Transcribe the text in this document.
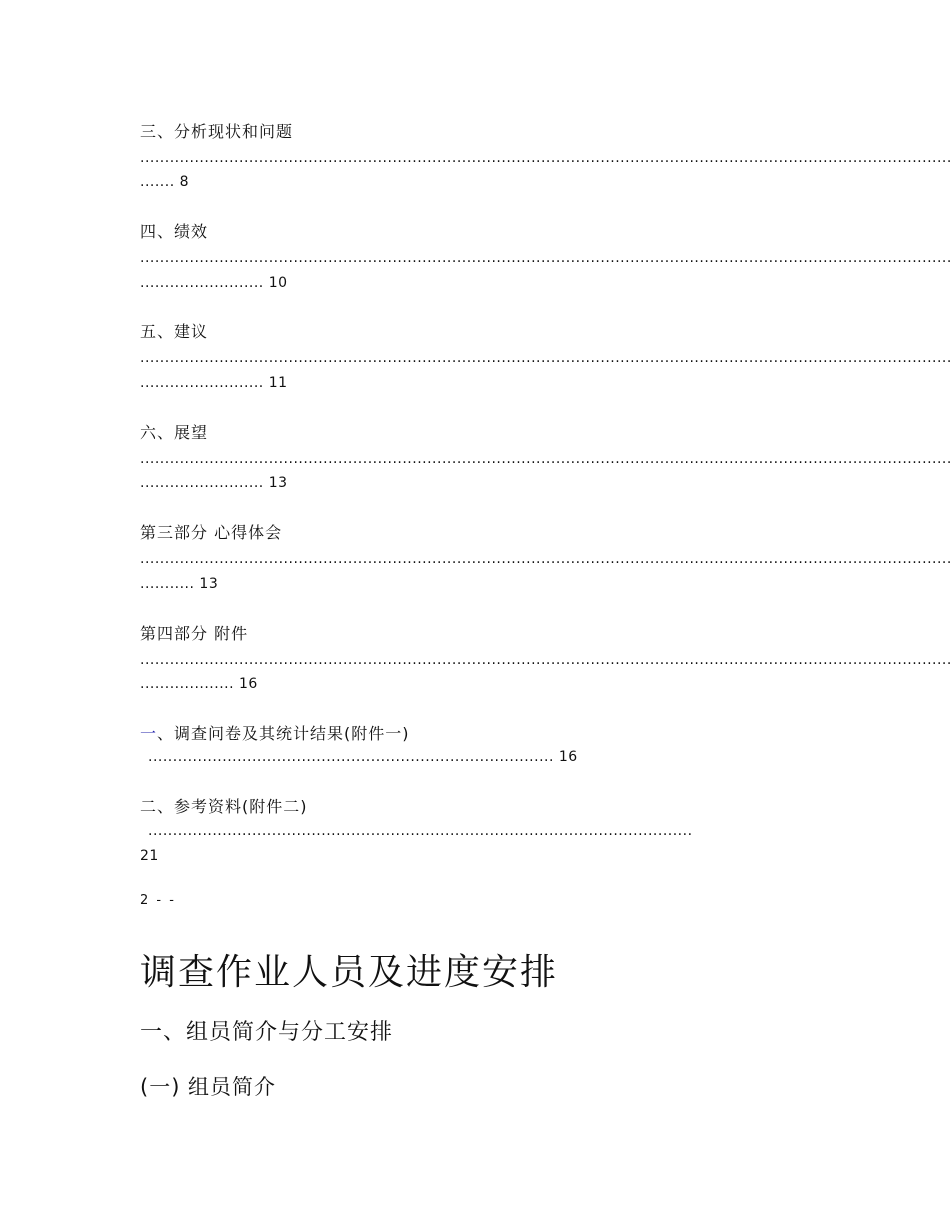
三、分析现状和问题
....................................................................................................................................................................
....... 8
四、绩效
....................................................................................................................................................................
......................... 10
五、建议
....................................................................................................................................................................
......................... 11
六、展望
....................................................................................................................................................................
......................... 13
第三部分 心得体会
....................................................................................................................................................................
........... 13
第四部分 附件
....................................................................................................................................................................
................... 16
一、调查问卷及其统计结果(附件一)
.................................................................................. 16
二、参考资料(附件二)
..............................................................................................................
21
2 - -
调查作业人员及进度安排
一、组员简介与分工安排
(一) 组员简介
